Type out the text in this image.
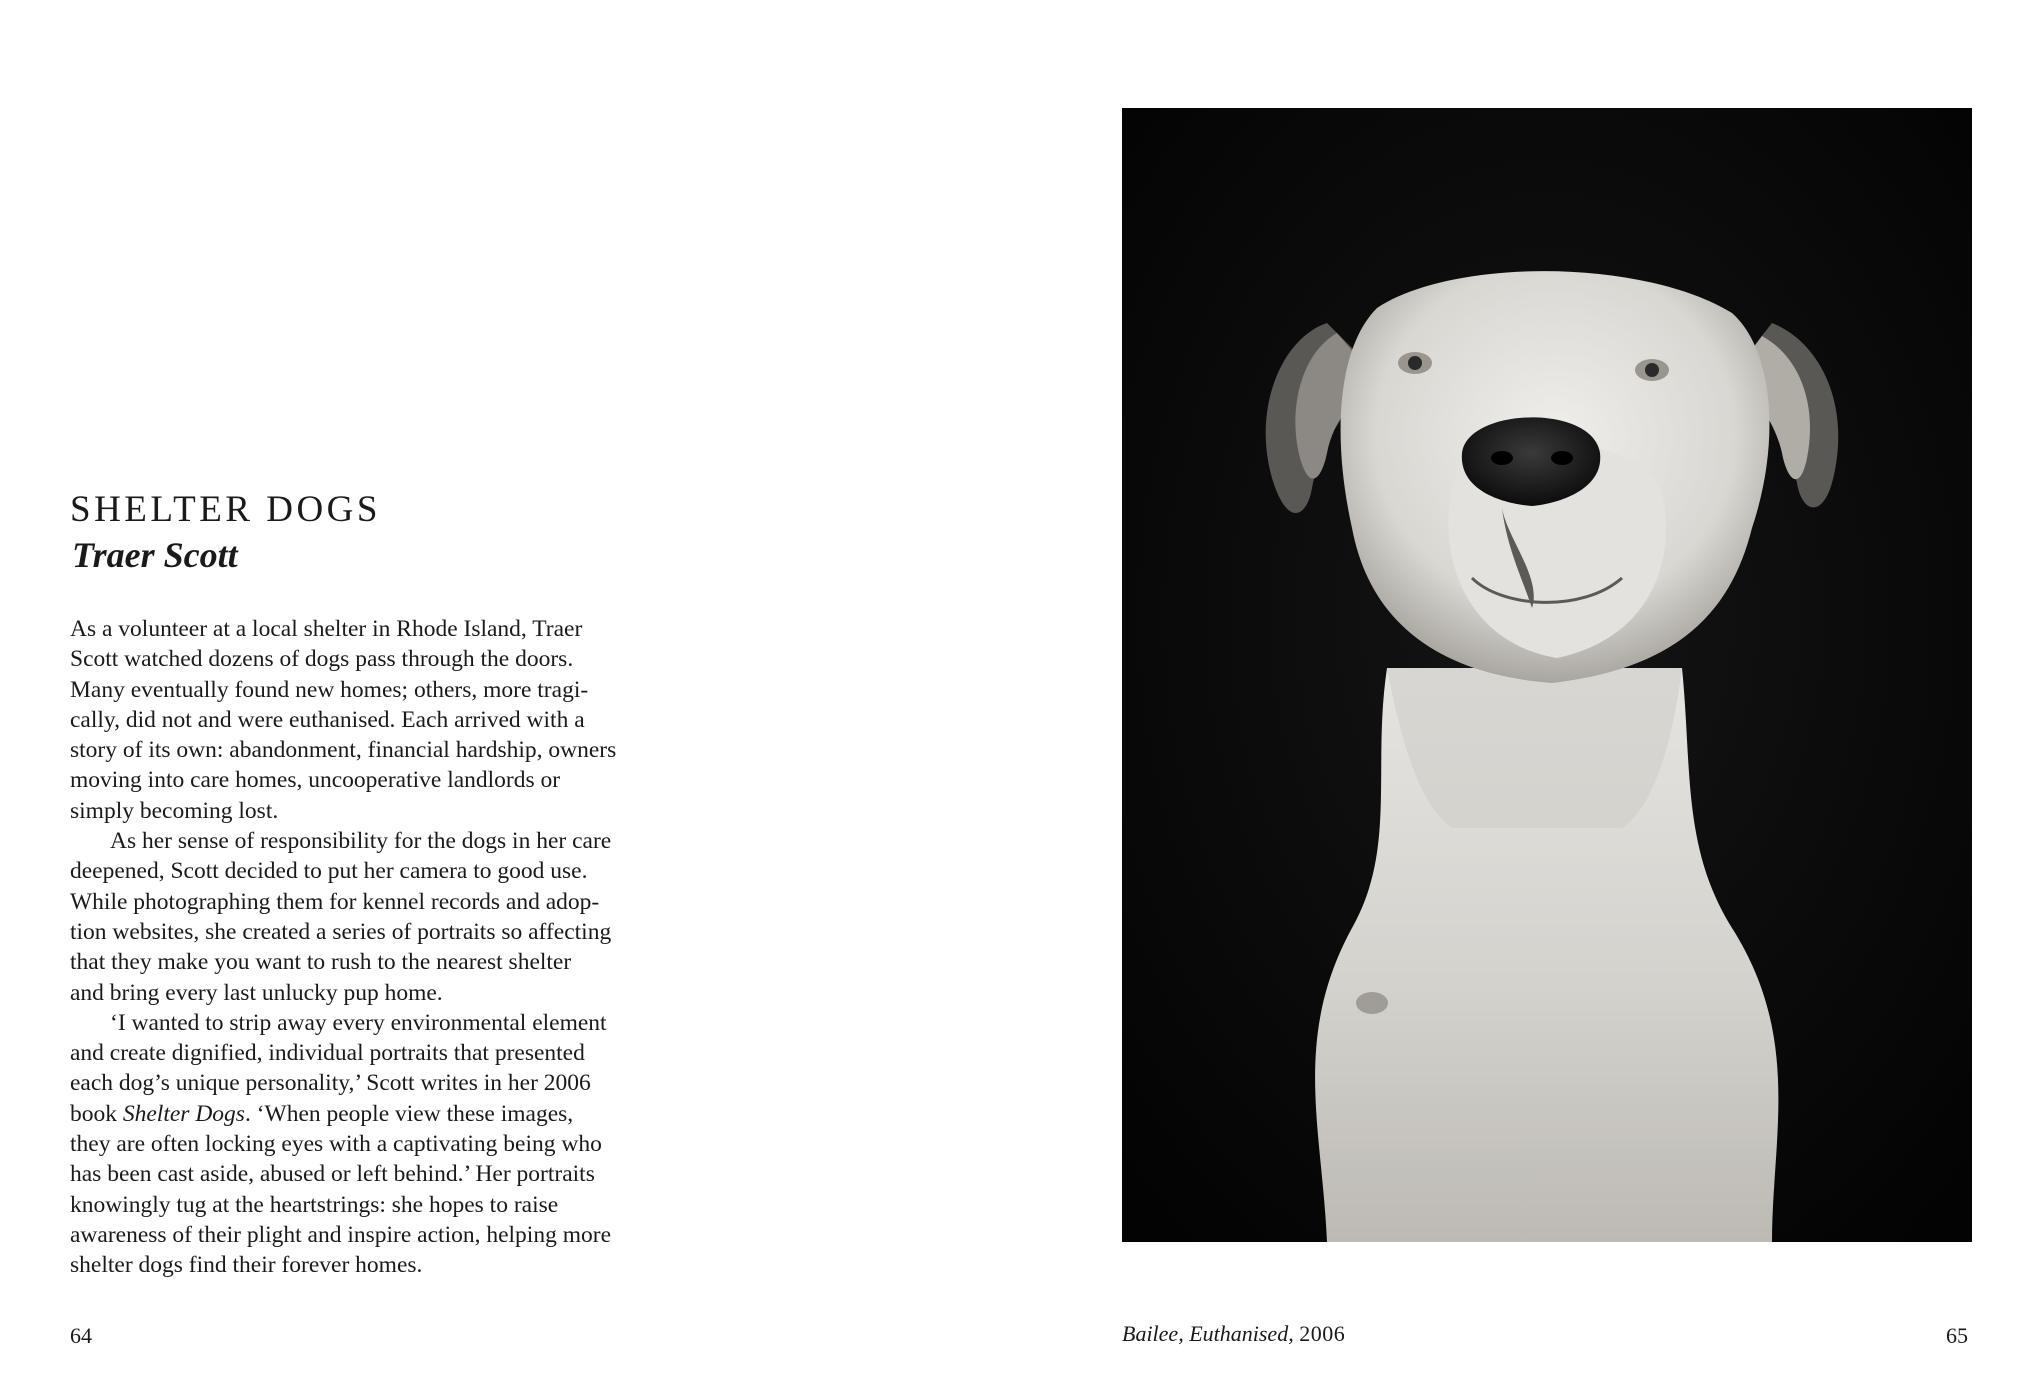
SHELTER DOGS
Traer Scott

As a volunteer at a local shelter in Rhode Island, Traer
Scott watched dozens of dogs pass through the doors.
Many eventually found new homes; others, more tragi-
cally, did not and were euthanised. Each arrived with a
story of its own: abandonment, financial hardship, owners
moving into care homes, uncooperative landlords or
simply becoming lost.

As her sense of responsibility for the dogs in her care
deepened, Scott decided to put her camera to good use.
While photographing them for kennel records and adop-
tion websites, she created a series of portraits so affecting
that they make you want to rush to the nearest shelter
and bring every last unlucky pup home.

‘I wanted to strip away every environmental element
and create dignified, individual portraits that presented
each dog’s unique personality,’ Scott writes in her 2006
book Shelter Dogs. ‘When people view these images,
they are often locking eyes with a captivating being who
has been cast aside, abused or left behind.’ Her portraits
knowingly tug at the heartstrings: she hopes to raise
awareness of their plight and inspire action, helping more
shelter dogs find their forever homes.

64	Bailee, Euthanised, 2006	65
